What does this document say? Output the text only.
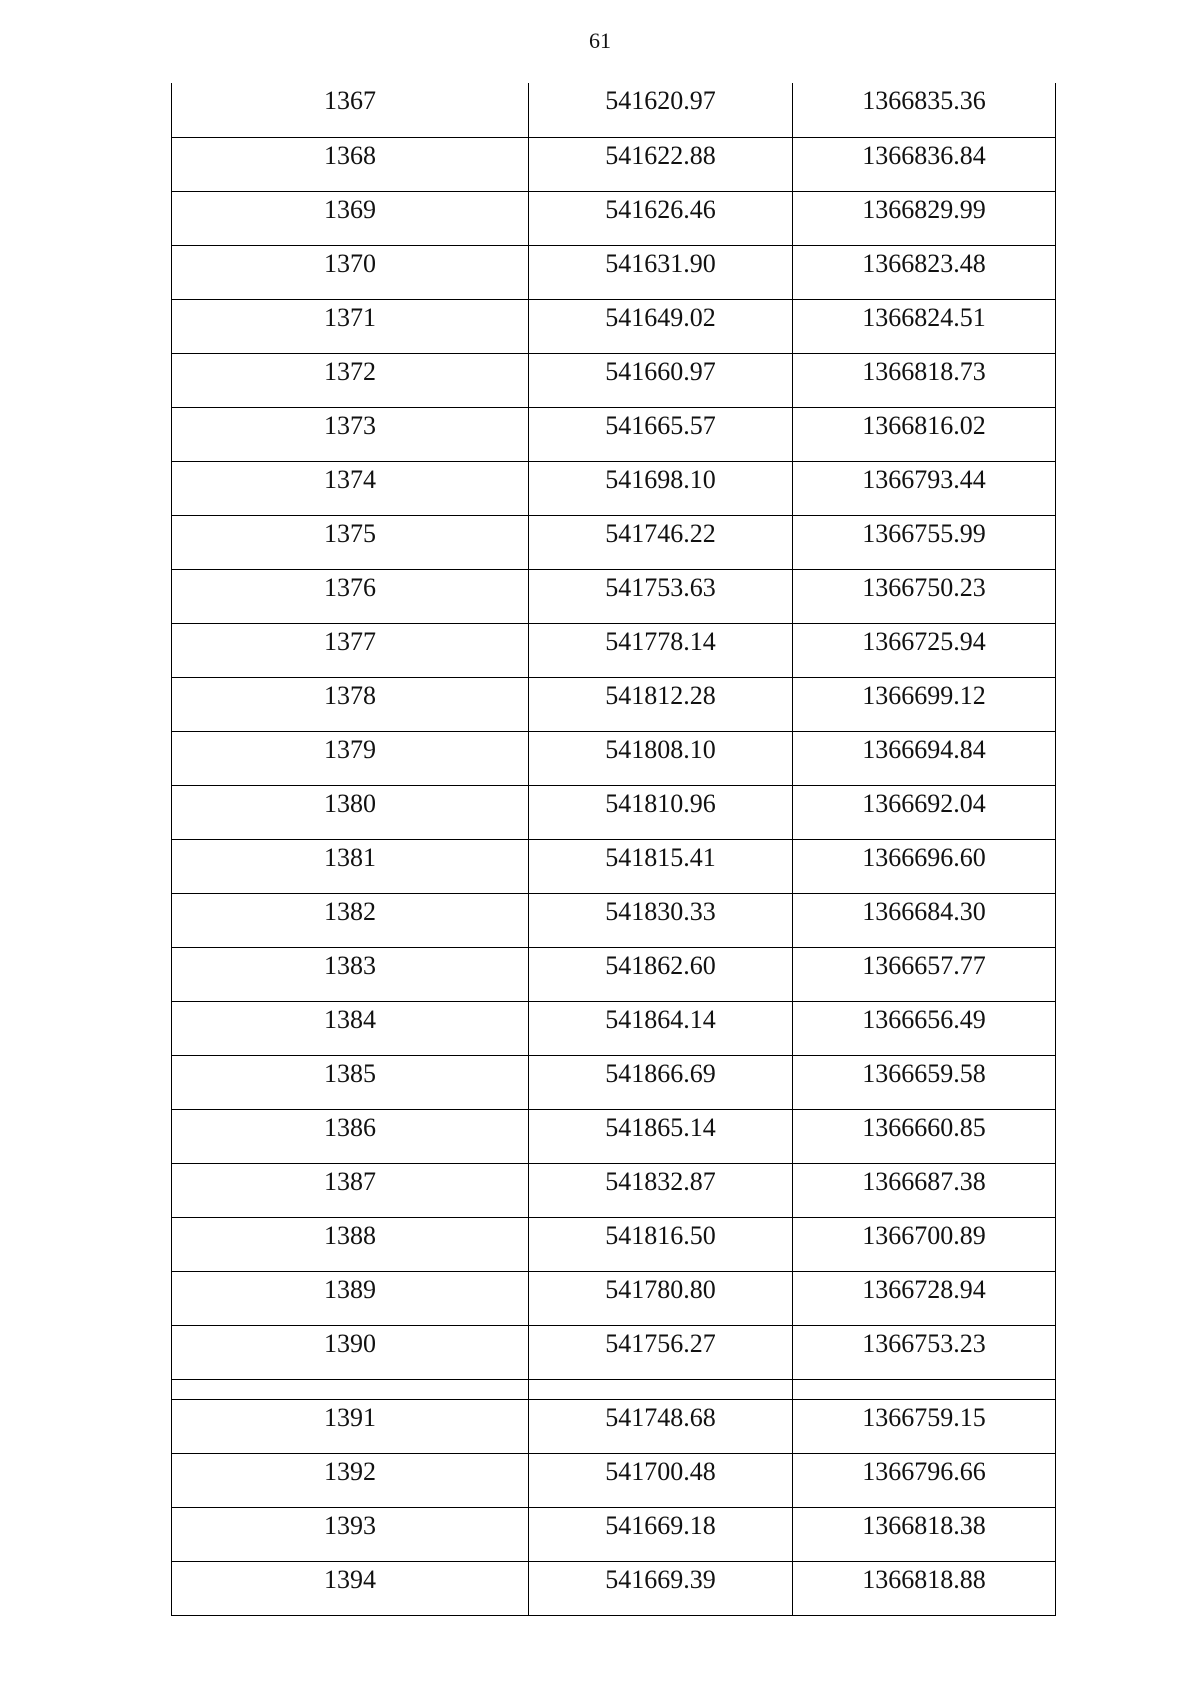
61
1367	541620.97	1366835.36
1368	541622.88	1366836.84
1369	541626.46	1366829.99
1370	541631.90	1366823.48
1371	541649.02	1366824.51
1372	541660.97	1366818.73
1373	541665.57	1366816.02
1374	541698.10	1366793.44
1375	541746.22	1366755.99
1376	541753.63	1366750.23
1377	541778.14	1366725.94
1378	541812.28	1366699.12
1379	541808.10	1366694.84
1380	541810.96	1366692.04
1381	541815.41	1366696.60
1382	541830.33	1366684.30
1383	541862.60	1366657.77
1384	541864.14	1366656.49
1385	541866.69	1366659.58
1386	541865.14	1366660.85
1387	541832.87	1366687.38
1388	541816.50	1366700.89
1389	541780.80	1366728.94
1390	541756.27	1366753.23

1391	541748.68	1366759.15
1392	541700.48	1366796.66
1393	541669.18	1366818.38
1394	541669.39	1366818.88
